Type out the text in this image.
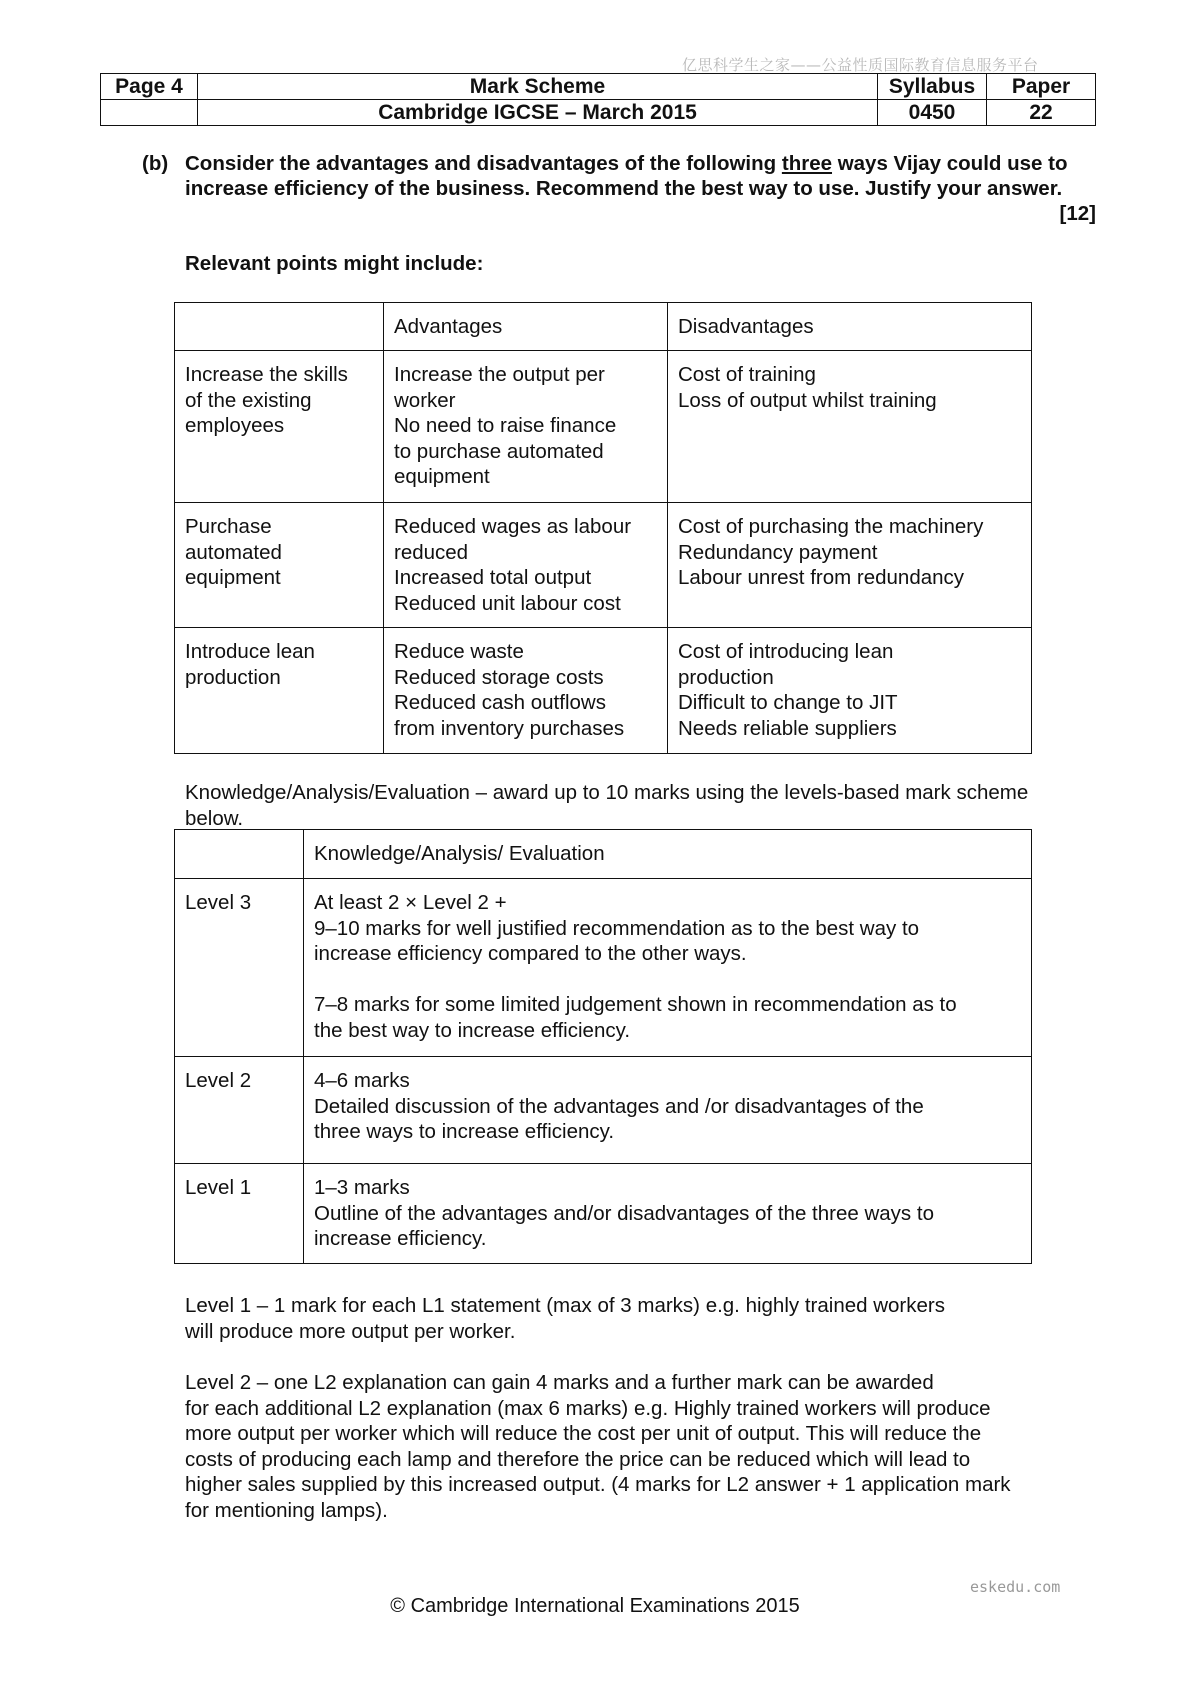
亿思科学生之家——公益性质国际教育信息服务平台
Page 4	Mark Scheme	Syllabus	Paper
	Cambridge IGCSE – March 2015	0450	22
(b) Consider the advantages and disadvantages of the following three ways Vijay could use to increase efficiency of the business. Recommend the best way to use. Justify your answer.
[12]
Relevant points might include:
	Advantages	Disadvantages

Increase the skills
of the existing
employees	Increase the output per
worker
No need to raise finance
to purchase automated
equipment	Cost of training
Loss of output whilst training

Purchase
automated
equipment	Reduced wages as labour
reduced
Increased total output
Reduced unit labour cost	Cost of purchasing the machinery
Redundancy payment
Labour unrest from redundancy

Introduce lean
production	Reduce waste
Reduced storage costs
Reduced cash outflows
from inventory purchases	Cost of introducing lean
production
Difficult to change to JIT
Needs reliable suppliers
Knowledge/Analysis/Evaluation – award up to 10 marks using the levels-based mark scheme
below.
	Knowledge/Analysis/ Evaluation
Level 3	At least 2 × Level 2 +
9–10 marks for well justified recommendation as to the best way to
increase efficiency compared to the other ways.
7–8 marks for some limited judgement shown in recommendation as to
the best way to increase efficiency.

Level 2	4–6 marks
Detailed discussion of the advantages and /or disadvantages of the
three ways to increase efficiency.

Level 1	1–3 marks
Outline of the advantages and/or disadvantages of the three ways to
increase efficiency.
Level 1 – 1 mark for each L1 statement (max of 3 marks) e.g. highly trained workers
will produce more output per worker.
Level 2 – one L2 explanation can gain 4 marks and a further mark can be awarded
for each additional L2 explanation (max 6 marks) e.g. Highly trained workers will produce
more output per worker which will reduce the cost per unit of output. This will reduce the
costs of producing each lamp and therefore the price can be reduced which will lead to
higher sales supplied by this increased output. (4 marks for L2 answer + 1 application mark
for mentioning lamps).
eskedu.com
© Cambridge International Examinations 2015
